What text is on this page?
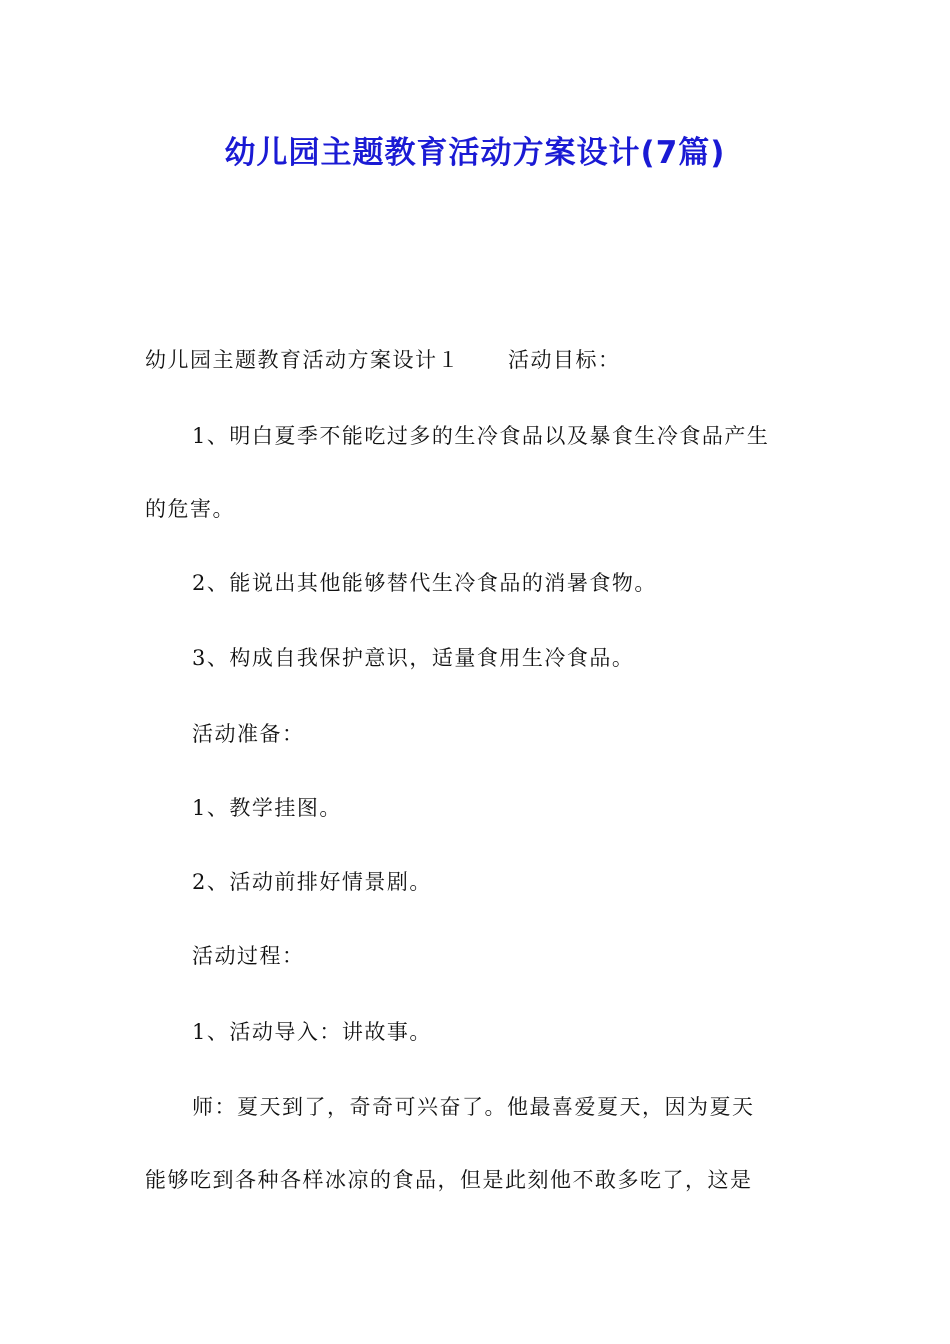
幼儿园主题教育活动方案设计(7篇)
幼儿园主题教育活动方案设计１ 活动目标：
1、明白夏季不能吃过多的生冷食品以及暴食生冷食品产生
的危害。
2、能说出其他能够替代生冷食品的消暑食物。
3、构成自我保护意识，适量食用生冷食品。
活动准备：
1、教学挂图。
2、活动前排好情景剧。
活动过程：
1、活动导入：讲故事。
师：夏天到了，奇奇可兴奋了。他最喜爱夏天，因为夏天
能够吃到各种各样冰凉的食品，但是此刻他不敢多吃了，这是
